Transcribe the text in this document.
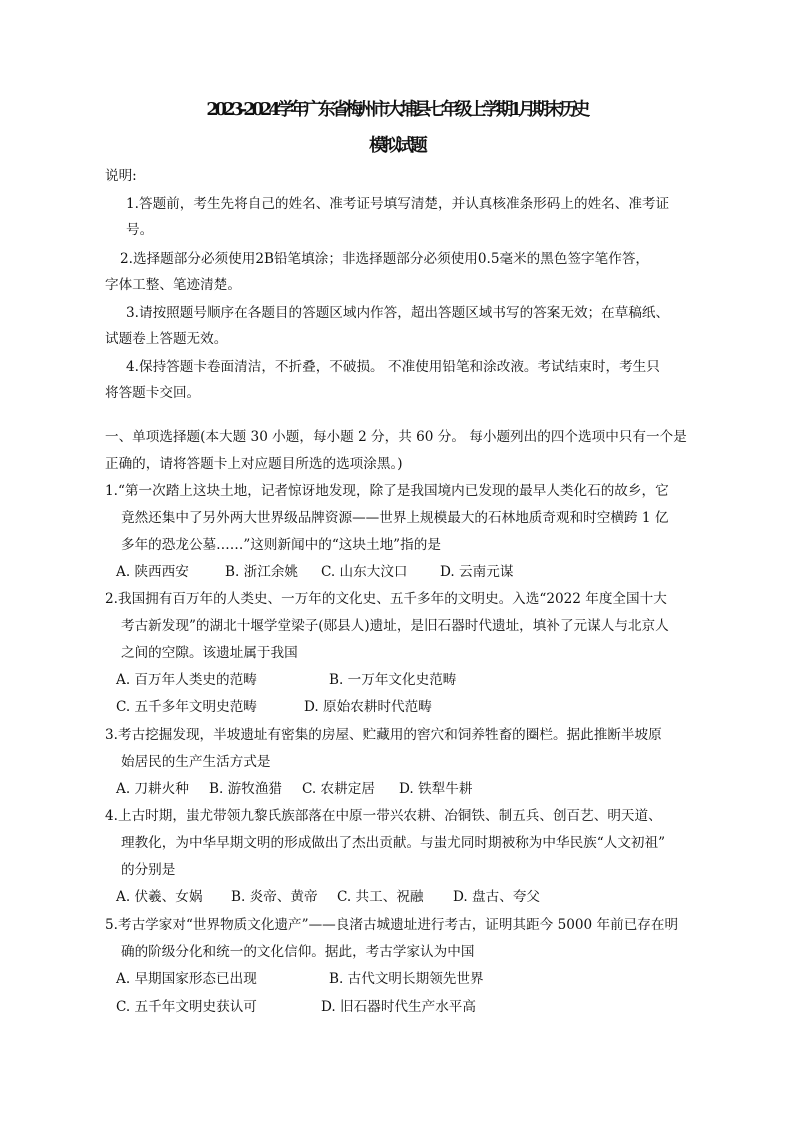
2023-2024学年广东省梅州市大埔县七年级上学期1月期末历史
模拟试题
说明:
1.答题前，考生先将自己的姓名、准考证号填写清楚，并认真核准条形码上的姓名、准考证
号。
2.选择题部分必须使用2B铅笔填涂；非选择题部分必须使用0.5毫米的黑色签字笔作答，
字体工整、笔迹清楚。
3.请按照题号顺序在各题目的答题区域内作答，超出答题区域书写的答案无效；在草稿纸、
试题卷上答题无效。
4.保持答题卡卷面清洁，不折叠，不破损。 不准使用铅笔和涂改液。考试结束时，考生只
将答题卡交回。
一、单项选择题(本大题 30 小题，每小题 2 分，共 60 分。 每小题列出的四个选项中只有一个是
正确的，请将答题卡上对应题目所选的选项涂黑。)
1.“第一次踏上这块土地，记者惊讶地发现，除了是我国境内已发现的最早人类化石的故乡，它
竟然还集中了另外两大世界级品牌资源——世界上规模最大的石林地质奇观和时空横跨 1 亿
多年的恐龙公墓……”这则新闻中的“这块土地”指的是
A. 陕西西安	B. 浙江余姚 C. 山东大汶口 D. 云南元谋
2.我国拥有百万年的人类史、一万年的文化史、五千多年的文明史。入选“2022 年度全国十大
考古新发现”的湖北十堰学堂梁子(郧县人)遗址，是旧石器时代遗址，填补了元谋人与北京人
之间的空隙。该遗址属于我国
A. 百万年人类史的范畴	B. 一万年文化史范畴
C. 五千多年文明史范畴	D. 原始农耕时代范畴
3.考古挖掘发现，半坡遗址有密集的房屋、贮藏用的窖穴和饲养牲畜的圈栏。据此推断半坡原
始居民的生产生活方式是
A. 刀耕火种 B. 游牧渔猎 C. 农耕定居 D. 铁犁牛耕
4.上古时期，蚩尤带领九黎氏族部落在中原一带兴农耕、冶铜铁、制五兵、创百艺、明天道、
理教化，为中华早期文明的形成做出了杰出贡献。与蚩尤同时期被称为中华民族“人文初祖”
的分别是
A. 伏羲、女娲 B. 炎帝、黄帝 C. 共工、祝融 D. 盘古、夸父
5.考古学家对“世界物质文化遗产”——良渚古城遗址进行考古，证明其距今 5000 年前已存在明
确的阶级分化和统一的文化信仰。据此，考古学家认为中国
A. 早期国家形态已出现	B. 古代文明长期领先世界
C. 五千年文明史获认可	D. 旧石器时代生产水平高
